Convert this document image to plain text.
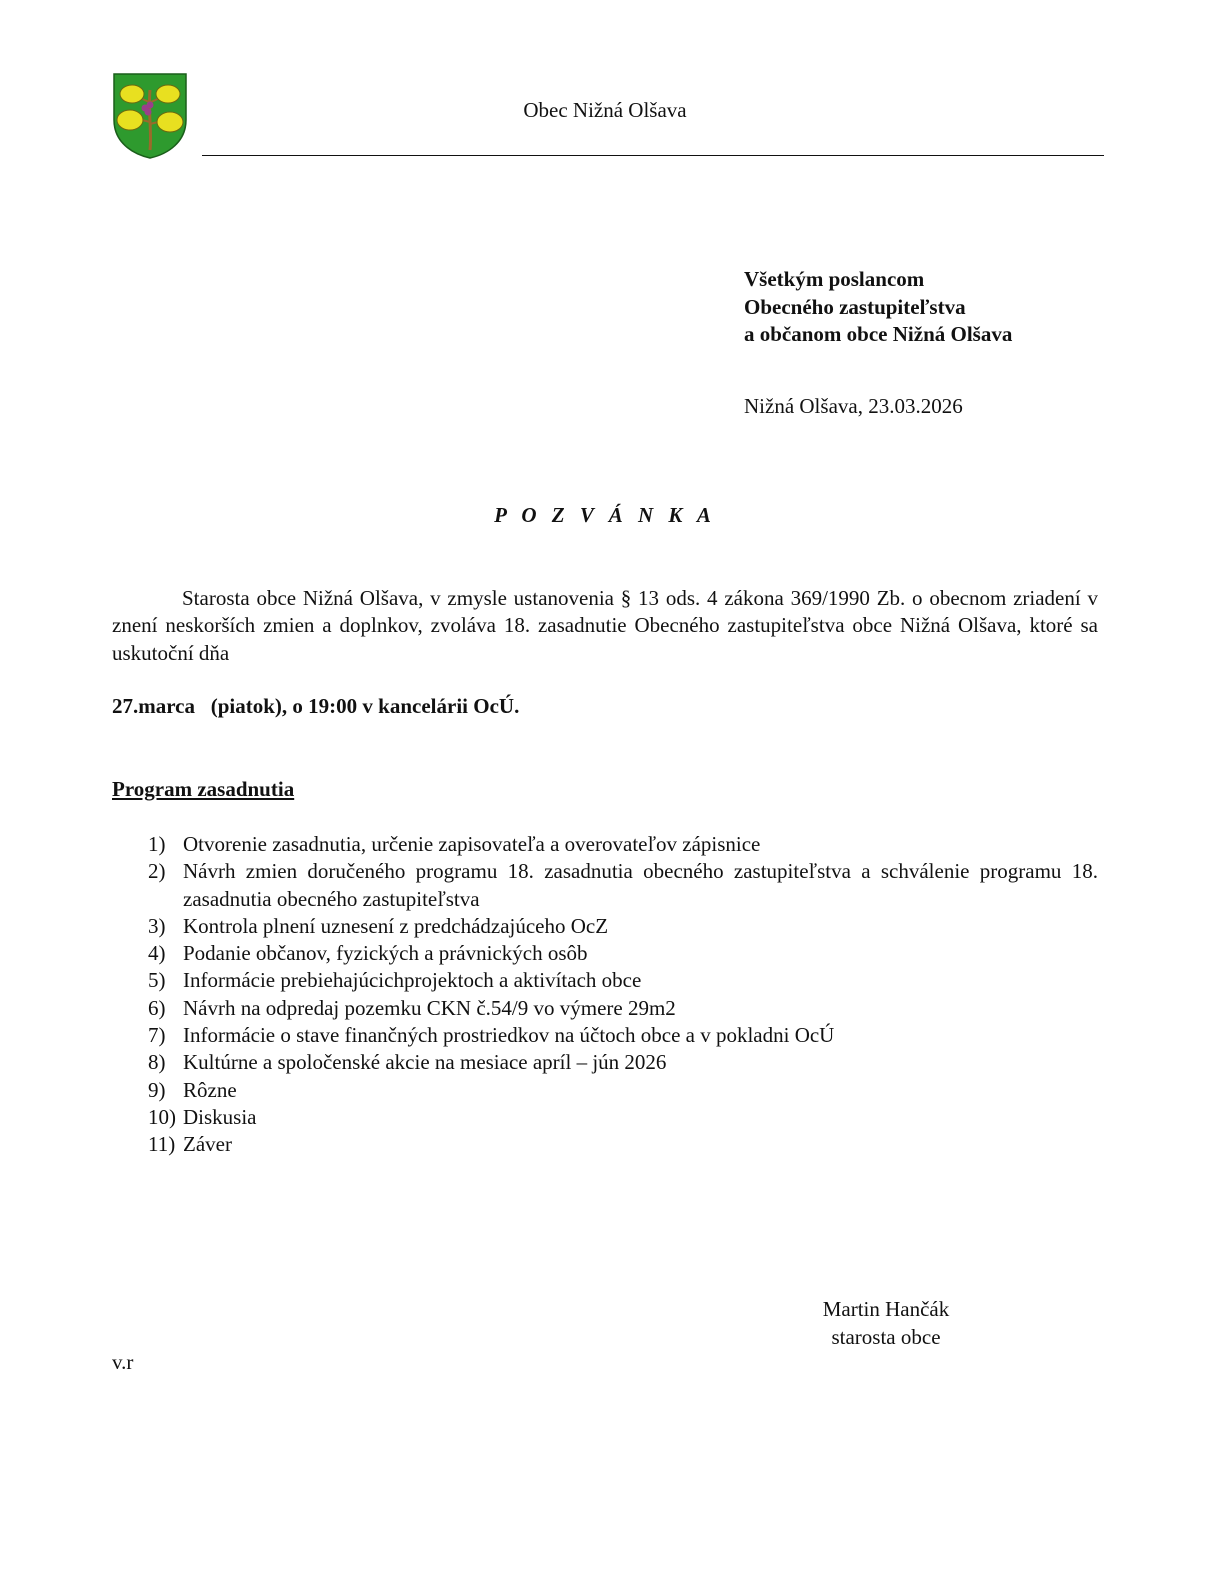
Obec Nižná Olšava
Všetkým poslancom
Obecného zastupiteľstva
a občanom obce Nižná Olšava
Nižná Olšava, 23.03.2026
P O Z V Á N K A
Starosta obce Nižná Olšava, v zmysle ustanovenia § 13 ods. 4 zákona 369/1990 Zb. o obecnom zriadení v znení neskorších zmien a doplnkov, zvoláva 18. zasadnutie Obecného zastupiteľstva obce Nižná Olšava, ktoré sa uskutoční dňa
27.marca   (piatok), o 19:00 v kancelárii OcÚ.
Program zasadnutia
1) Otvorenie zasadnutia, určenie zapisovateľa a overovateľov zápisnice
2) Návrh zmien doručeného programu 18. zasadnutia obecného zastupiteľstva a schválenie programu 18. zasadnutia obecného zastupiteľstva
3) Kontrola plnení uznesení z predchádzajúceho OcZ
4) Podanie občanov, fyzických a právnických osôb
5) Informácie prebiehajúcichprojektoch a aktivítach obce
6) Návrh na odpredaj pozemku CKN č.54/9 vo výmere 29m2
7) Informácie o stave finančných prostriedkov na účtoch obce a v pokladni OcÚ
8) Kultúrne a spoločenské akcie na mesiace apríl – jún 2026
9) Rôzne
10) Diskusia
11) Záver
Martin Hančák
starosta obce
v.r
